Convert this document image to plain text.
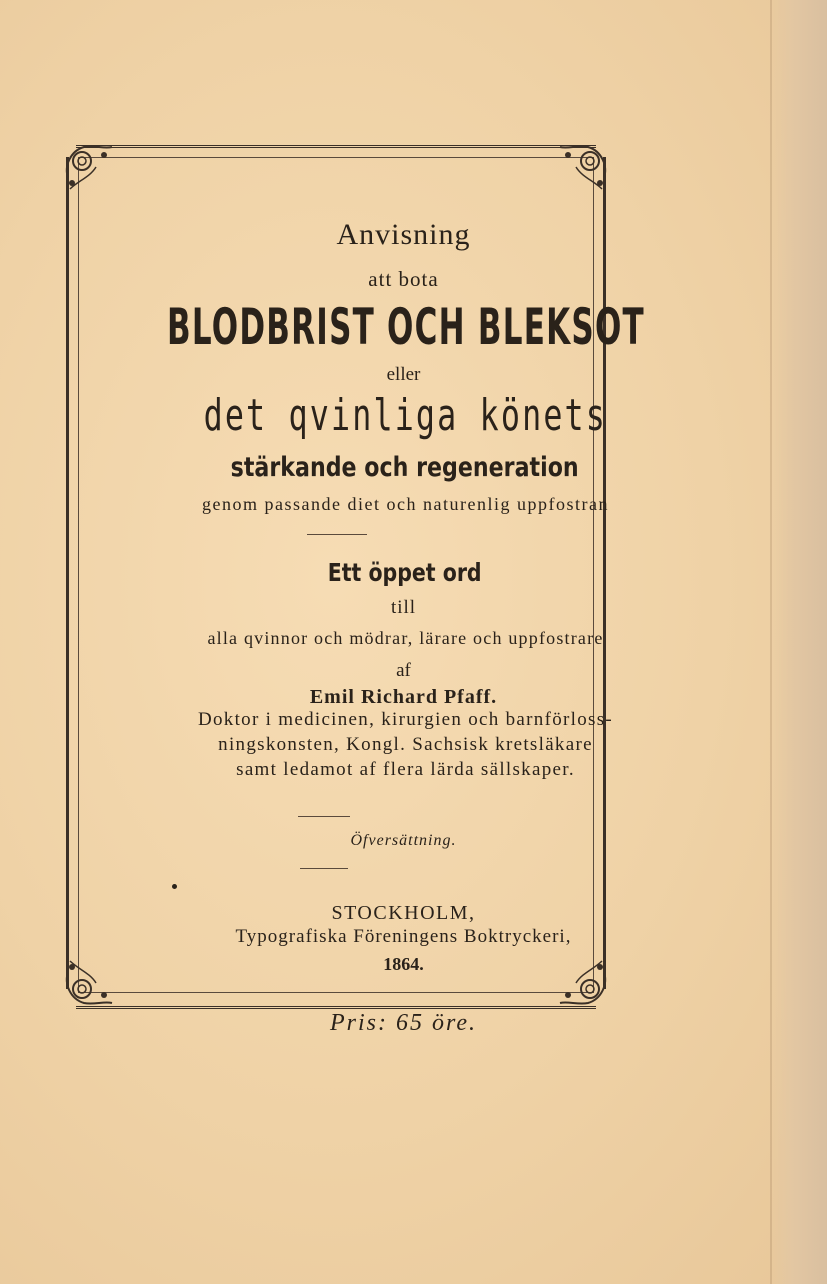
Anvisning
att bota
BLODBRIST OCH BLEKSOT
eller
det qvinliga könets
stärkande och regeneration
genom passande diet och naturenlig uppfostran
Ett öppet ord
till
alla qvinnor och mödrar, lärare och uppfostrare
af
Emil Richard Pfaff.
Doktor i medicinen, kirurgien och barnförloss-
ningskonsten, Kongl. Sachsisk kretsläkare
samt ledamot af flera lärda sällskaper.
Öfversättning.
STOCKHOLM,
Typografiska Föreningens Boktryckeri,
1864.
Pris: 65 öre.
